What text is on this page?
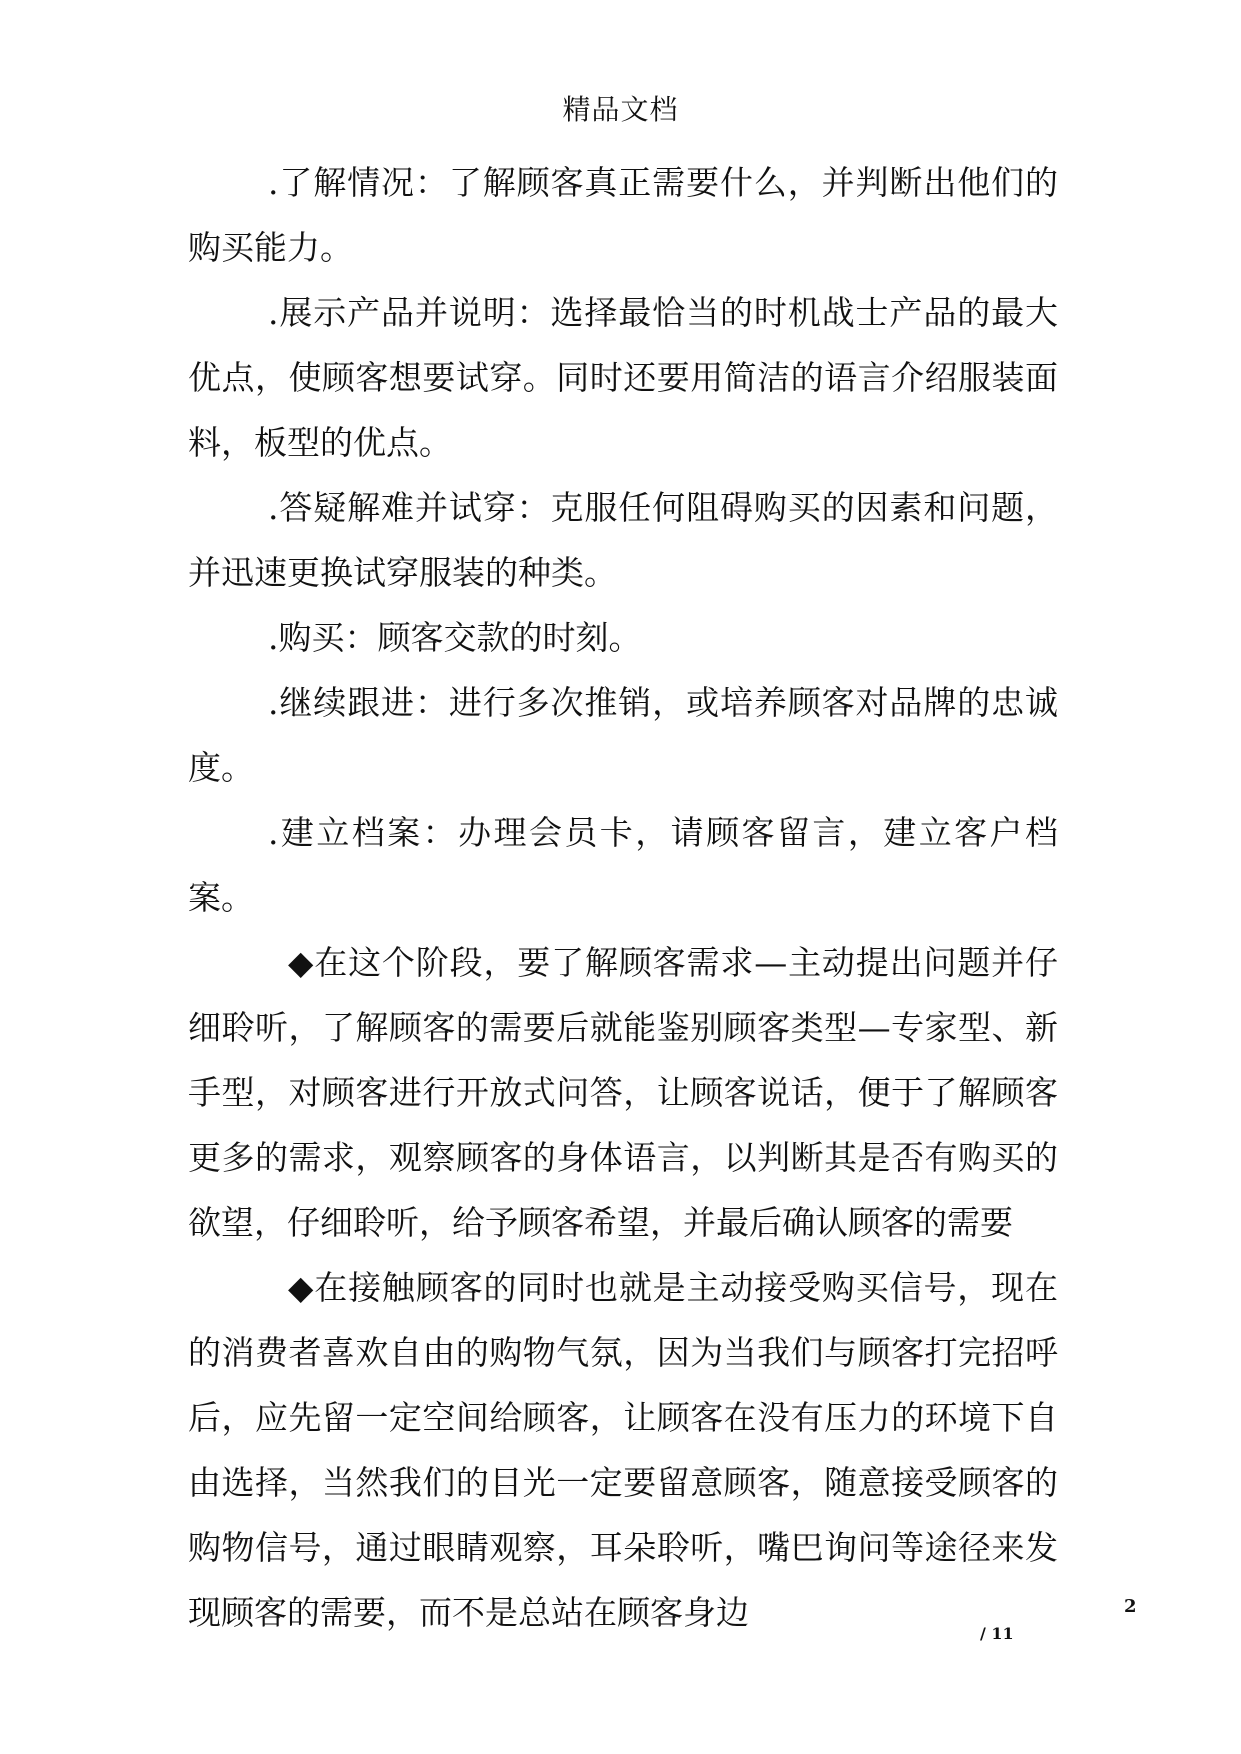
精品文档

.了解情况：了解顾客真正需要什么，并判断出他们的购买能力。

.展示产品并说明：选择最恰当的时机战士产品的最大优点，使顾客想要试穿。同时还要用简洁的语言介绍服装面料，板型的优点。

.答疑解难并试穿：克服任何阻碍购买的因素和问题，并迅速更换试穿服装的种类。

.购买：顾客交款的时刻。

.继续跟进：进行多次推销，或培养顾客对品牌的忠诚度。

.建立档案：办理会员卡，请顾客留言，建立客户档案。

◆在这个阶段，要了解顾客需求—主动提出问题并仔细聆听，了解顾客的需要后就能鉴别顾客类型—专家型、新手型，对顾客进行开放式问答，让顾客说话，便于了解顾客更多的需求，观察顾客的身体语言，以判断其是否有购买的欲望，仔细聆听，给予顾客希望，并最后确认顾客的需要

◆在接触顾客的同时也就是主动接受购买信号，现在的消费者喜欢自由的购物气氛，因为当我们与顾客打完招呼后，应先留一定空间给顾客，让顾客在没有压力的环境下自由选择，当然我们的目光一定要留意顾客，随意接受顾客的购物信号，通过眼睛观察，耳朵聆听，嘴巴询问等途径来发现顾客的需要，而不是总站在顾客身边	2
/ 11
